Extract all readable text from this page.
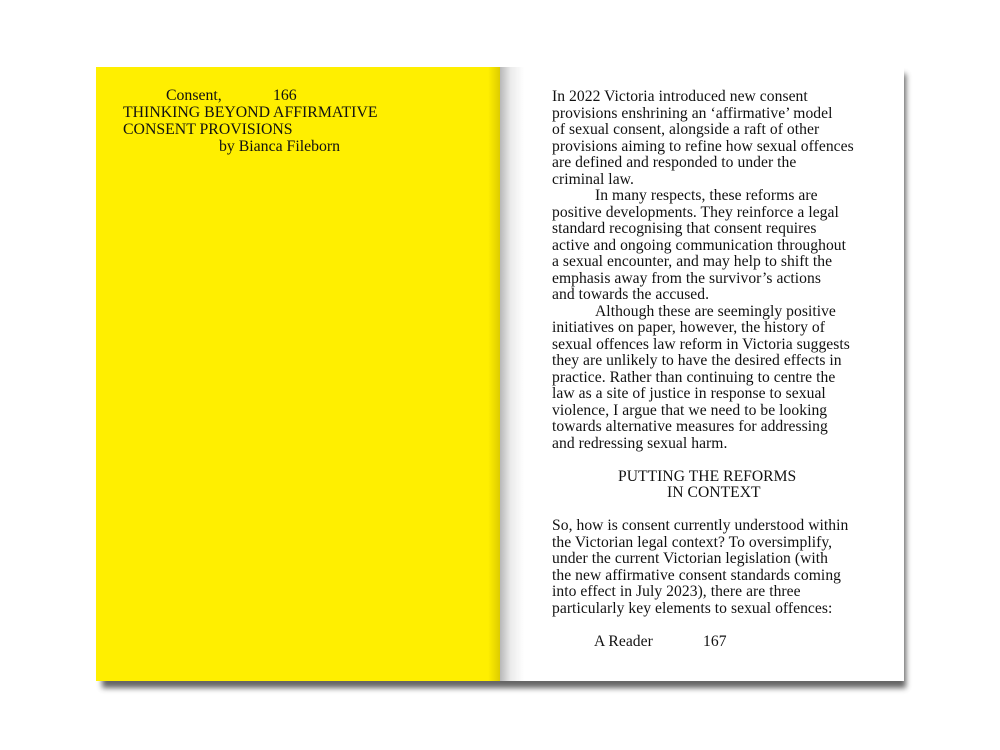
Consent,	166
THINKING BEYOND AFFIRMATIVE
CONSENT PROVISIONS
by Bianca Fileborn
In 2022 Victoria introduced new consent
provisions enshrining an ‘affirmative’ model
of sexual consent, alongside a raft of other
provisions aiming to refine how sexual offences
are defined and responded to under the
criminal law.
In many respects, these reforms are
positive developments. They reinforce a legal
standard recognising that consent requires
active and ongoing communication throughout
a sexual encounter, and may help to shift the
emphasis away from the survivor’s actions
and towards the accused.
Although these are seemingly positive
initiatives on paper, however, the history of
sexual offences law reform in Victoria suggests
they are unlikely to have the desired effects in
practice. Rather than continuing to centre the
law as a site of justice in response to sexual
violence, I argue that we need to be looking
towards alternative measures for addressing
and redressing sexual harm.
PUTTING THE REFORMS
IN CONTEXT
So, how is consent currently understood within
the Victorian legal context? To oversimplify,
under the current Victorian legislation (with
the new affirmative consent standards coming
into effect in July 2023), there are three
particularly key elements to sexual offences:
A Reader	167
